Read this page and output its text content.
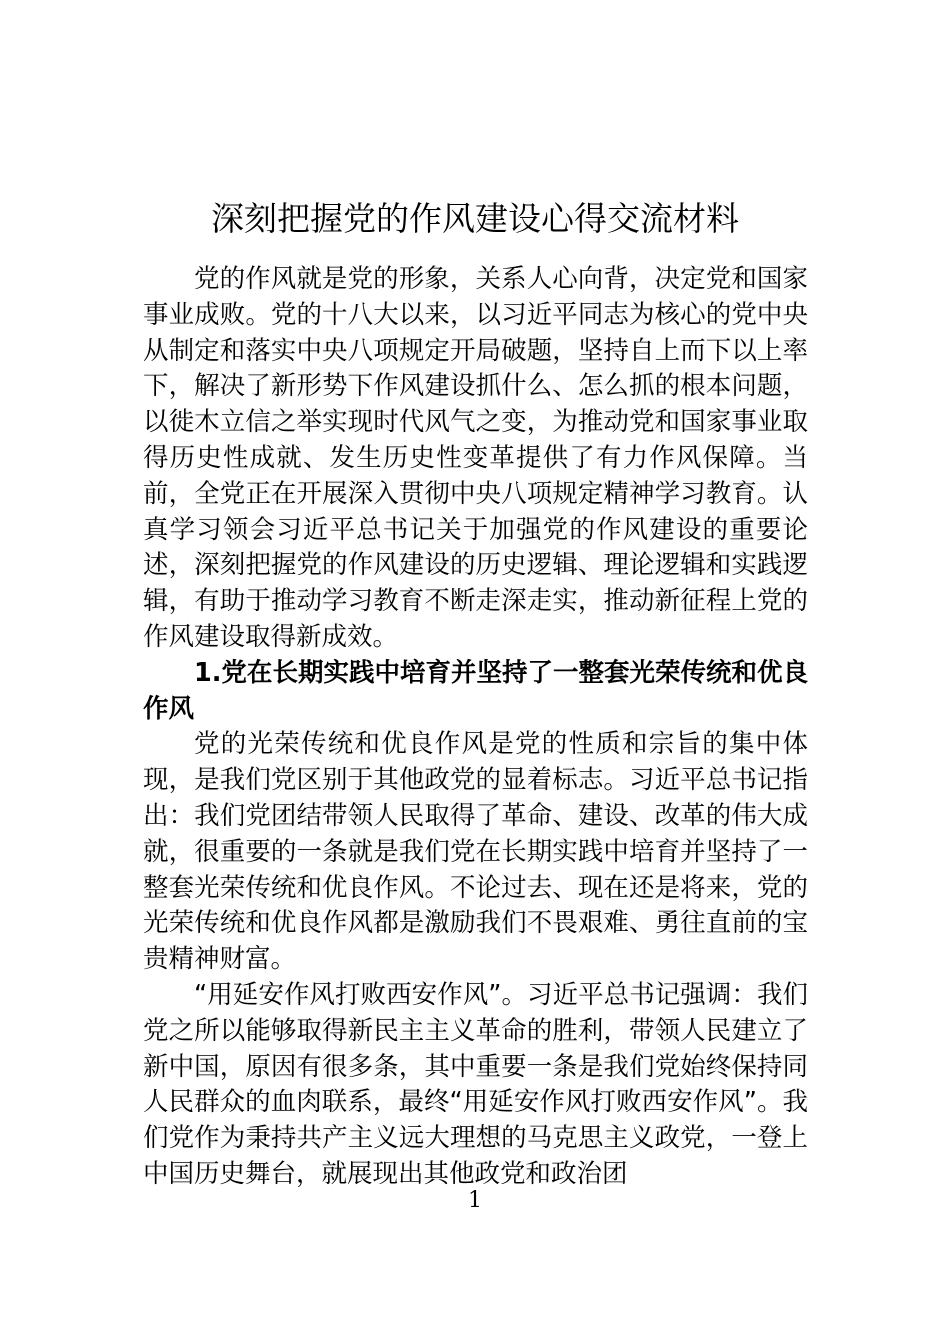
深刻把握党的作风建设心得交流材料

党的作风就是党的形象，关系人心向背，决定党和国家事业成败。党的十八大以来，以习近平同志为核心的党中央从制定和落实中央八项规定开局破题，坚持自上而下以上率下，解决了新形势下作风建设抓什么、怎么抓的根本问题，以徙木立信之举实现时代风气之变，为推动党和国家事业取得历史性成就、发生历史性变革提供了有力作风保障。当前，全党正在开展深入贯彻中央八项规定精神学习教育。认真学习领会习近平总书记关于加强党的作风建设的重要论述，深刻把握党的作风建设的历史逻辑、理论逻辑和实践逻辑，有助于推动学习教育不断走深走实，推动新征程上党的作风建设取得新成效。

1.党在长期实践中培育并坚持了一整套光荣传统和优良作风

党的光荣传统和优良作风是党的性质和宗旨的集中体现，是我们党区别于其他政党的显着标志。习近平总书记指出：我们党团结带领人民取得了革命、建设、改革的伟大成就，很重要的一条就是我们党在长期实践中培育并坚持了一整套光荣传统和优良作风。不论过去、现在还是将来，党的光荣传统和优良作风都是激励我们不畏艰难、勇往直前的宝贵精神财富。

“用延安作风打败西安作风”。习近平总书记强调：我们党之所以能够取得新民主主义革命的胜利，带领人民建立了新中国，原因有很多条，其中重要一条是我们党始终保持同人民群众的血肉联系，最终“用延安作风打败西安作风”。我们党作为秉持共产主义远大理想的马克思主义政党，一登上中国历史舞台，就展现出其他政党和政治团

1
